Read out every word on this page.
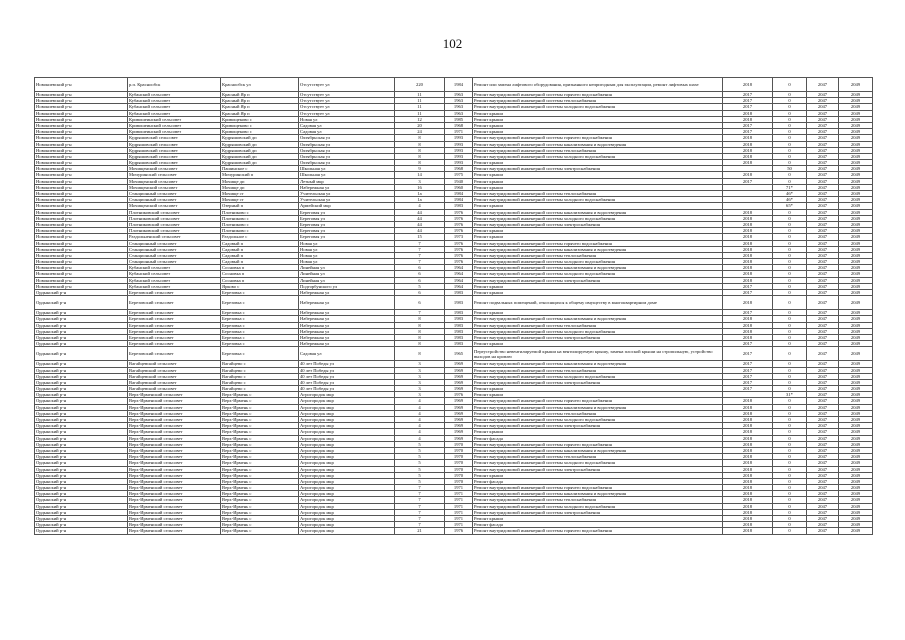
102
Новокиевский р-н	р.п. Краснообск	Краснообск ул	Отсутствует ул	220	1984	Ремонт или замена лифтового оборудования, признанного непригодным для эксплуатации, ремонт лифтовых шахт	2018	0	2047	2049
Новокиевский р-н	Кубанский сельсовет	Красный Яр п	Отсутствует ул	11	1963	Ремонт внутридомовой инженерной системы горячего водоснабжения	2017	0	2047	2049
Новокиевский р-н	Кубанский сельсовет	Красный Яр п	Отсутствует ул	11	1963	Ремонт внутридомовой инженерной системы теплоснабжения	2017	0	2047	2049
Новокиевский р-н	Кубанский сельсовет	Красный Яр п	Отсутствует ул	11	1963	Ремонт внутридомовой инженерной системы холодного водоснабжения	2017	0	2047	2049
Новокиевский р-н	Кубанский сельсовет	Красный Яр п	Отсутствует ул	11	1963	Ремонт крыши	2018	0	2047	2049
Новокиевский р-н	Кривошеинский сельсовет	Кривощеково с	Новая ул	12	1985	Ремонт крыши	2018	0	2047	2049
Новокиевский р-н	Кривошеинский сельсовет	Кривощеково с	Садовая ул	20	1968	Ремонт крыши	2017	0	2047	2049
Новокиевский р-н	Кривошеинский сельсовет	Кривощеково с	Садовая ул	24	1971	Ремонт крыши	2017	0	2047	2049
Новокиевский р-н	Кудряшовский сельсовет	Кудряшовский дп	Октябрьская ул	8	1993	Ремонт внутридомовой инженерной системы горячего водоснабжения	2018	0	2047	2049
Новокиевский р-н	Кудряшовский сельсовет	Кудряшовский дп	Октябрьская ул	8	1993	Ремонт внутридомовой инженерной системы канализования и водоотведения	2018	0	2047	2049
Новокиевский р-н	Кудряшовский сельсовет	Кудряшовский дп	Октябрьская ул	8	1993	Ремонт внутридомовой инженерной системы теплоснабжения	2018	0	2047	2049
Новокиевский р-н	Кудряшовский сельсовет	Кудряшовский дп	Октябрьская ул	8	1993	Ремонт внутридомовой инженерной системы холодного водоснабжения	2018	0	2047	2049
Новокиевский р-н	Кудряшовский сельсовет	Кудряшовский дп	Октябрьская ул	8	1993	Ремонт крыши	2018	0	2047	2049
Новокиевский р-н	Мочищенский сельсовет	Пашинское с	Школьная ул	9	1968	Ремонт внутридомовой инженерной системы электроснабжения		50	2047	2049
Новокиевский р-н	Мичуринский сельсовет	Мичуринский п	Школьная ул	14	1975	Ремонт крыши	2018	0	2047	2049
Новокиевский р-н	Мочищенский сельсовет	Мочище дп	Летный мкр	3	1940	Ремонт крыши	2017	0	2047	2049
Новокиевский р-н	Мочищенский сельсовет	Мочище дп	Набережная ул	16	1960	Ремонт крыши		71*	2047	2049
Новокиевский р-н	Станционный сельсовет	Мочище ст	Учительская ул	1а	1984	Ремонт внутридомовой инженерной системы теплоснабжения		46*	2047	2049
Новокиевский р-н	Станционный сельсовет	Мочище ст	Учительская ул	1а	1984	Ремонт внутридомовой инженерной системы холодного водоснабжения		46*	2047	2049
Новокиевский р-н	Мочищенский сельсовет	Озерный п	Армейский мкр	4	1983	Ремонт крыши		65*	2047	2049
Новокиевский р-н	Плотниковский сельсовет	Плотниково с	Береговая ул	44	1976	Ремонт внутридомовой инженерной системы канализования и водоотведения	2018	0	2047	2049
Новокиевский р-н	Плотниковский сельсовет	Плотниково с	Береговая ул	44	1976	Ремонт внутридомовой инженерной системы холодного водоснабжения	2018	0	2047	2049
Новокиевский р-н	Плотниковский сельсовет	Плотниково с	Береговая ул	44	1976	Ремонт внутридомовой инженерной системы электроснабжения	2018	0	2047	2049
Новокиевский р-н	Плотниковский сельсовет	Плотниково с	Береговая ул	44	1976	Ремонт крыши	2018	0	2047	2049
Новокиевский р-н	Раздольненский сельсовет	Раздольное с	Береговая ул	15	1973	Ремонт крыши	2018	0	2047	2049
Новокиевский р-н	Станционный сельсовет	Садовый п	Новая ул	7	1976	Ремонт внутридомовой инженерной системы горячего водоснабжения	2018	0	2047	2049
Новокиевский р-н	Станционный сельсовет	Садовый п	Новая ул	7	1976	Ремонт внутридомовой инженерной системы канализования и водоотведения	2018	0	2047	2049
Новокиевский р-н	Станционный сельсовет	Садовый п	Новая ул	7	1976	Ремонт внутридомовой инженерной системы теплоснабжения	2018	0	2047	2049
Новокиевский р-н	Станционный сельсовет	Садовый п	Новая ул	7	1976	Ремонт внутридомовой инженерной системы холодного водоснабжения	2018	0	2047	2049
Новокиевский р-н	Кубанский сельсовет	Сосновка п	Линейная ул	6	1964	Ремонт внутридомовой инженерной системы канализования и водоотведения	2018	0	2047	2049
Новокиевский р-н	Кубанский сельсовет	Сосновка п	Линейная ул	6	1964	Ремонт внутридомовой инженерной системы холодного водоснабжения	2018	0	2047	2049
Новокиевский р-н	Кубанский сельсовет	Сосновка п	Линейная ул	6	1964	Ремонт внутридомовой инженерной системы электроснабжения	2018	0	2047	2049
Новокиевский р-н	Кубанский сельсовет	Ярково с	Подгорбунского ул	5	1964	Ремонт крыши	2017	0	2047	2049
Ордынский р-н	Березовский сельсовет	Березовка с	Набережная ул	6	1983	Ремонт крыши	2017	0	2047	2049
Ордынский р-н	Березовский сельсовет	Березовка с	Набережная ул	6	1983	Ремонт подвальных помещений, относящихся к общему имуществу в многоквартирном доме	2018	0	2047	2049
Ордынский р-н	Березовский сельсовет	Березовка с	Набережная ул	7	1983	Ремонт крыши	2017	0	2047	2049
Ордынский р-н	Березовский сельсовет	Березовка с	Набережная ул	8	1983	Ремонт внутридомовой инженерной системы канализования и водоотведения	2018	0	2047	2049
Ордынский р-н	Березовский сельсовет	Березовка с	Набережная ул	8	1983	Ремонт внутридомовой инженерной системы теплоснабжения	2018	0	2047	2049
Ордынский р-н	Березовский сельсовет	Березовка с	Набережная ул	8	1983	Ремонт внутридомовой инженерной системы холодного водоснабжения	2018	0	2047	2049
Ордынский р-н	Березовский сельсовет	Березовка с	Набережная ул	8	1983	Ремонт внутридомовой инженерной системы электроснабжения	2018	0	2047	2049
Ордынский р-н	Березовский сельсовет	Березовка с	Набережная ул	8	1983	Ремонт крыши	2017	0	2047	2049
Ордынский р-н	Березовский сельсовет	Березовка с	Садовая ул	8	1965	Переустройство невентилируемой крыши на вентилируемую крышу, замена плоской крыши на стропильную, устройство выходов на кровлю	2017	0	2047	2049
Ордынский р-н	Вагайцевский сельсовет	Вагайцево с	40 лет Победы ул	3	1969	Ремонт внутридомовой инженерной системы канализования и водоотведения	2017	0	2047	2049
Ордынский р-н	Вагайцевский сельсовет	Вагайцево с	40 лет Победы ул	3	1969	Ремонт внутридомовой инженерной системы теплоснабжения	2017	0	2047	2049
Ордынский р-н	Вагайцевский сельсовет	Вагайцево с	40 лет Победы ул	3	1969	Ремонт внутридомовой инженерной системы холодного водоснабжения	2017	0	2047	2049
Ордынский р-н	Вагайцевский сельсовет	Вагайцево с	40 лет Победы ул	3	1969	Ремонт внутридомовой инженерной системы электроснабжения	2017	0	2047	2049
Ордынский р-н	Вагайцевский сельсовет	Вагайцево с	40 лет Победы ул	3	1969	Ремонт крыши	2017	0	2047	2049
Ордынский р-н	Верх-Ирменский сельсовет	Верх-Ирмень с	Агрогородок мкр	3	1976	Ремонт крыши		31*	2047	2049
Ордынский р-н	Верх-Ирменский сельсовет	Верх-Ирмень с	Агрогородок мкр	4	1969	Ремонт внутридомовой инженерной системы горячего водоснабжения	2018	0	2047	2049
Ордынский р-н	Верх-Ирменский сельсовет	Верх-Ирмень с	Агрогородок мкр	4	1969	Ремонт внутридомовой инженерной системы канализования и водоотведения	2018	0	2047	2049
Ордынский р-н	Верх-Ирменский сельсовет	Верх-Ирмень с	Агрогородок мкр	4	1969	Ремонт внутридомовой инженерной системы теплоснабжения	2018	0	2047	2049
Ордынский р-н	Верх-Ирменский сельсовет	Верх-Ирмень с	Агрогородок мкр	4	1969	Ремонт внутридомовой инженерной системы холодного водоснабжения	2018	0	2047	2049
Ордынский р-н	Верх-Ирменский сельсовет	Верх-Ирмень с	Агрогородок мкр	4	1969	Ремонт внутридомовой инженерной системы электроснабжения	2018	0	2047	2049
Ордынский р-н	Верх-Ирменский сельсовет	Верх-Ирмень с	Агрогородок мкр	4	1969	Ремонт крыши	2018	0	2047	2049
Ордынский р-н	Верх-Ирменский сельсовет	Верх-Ирмень с	Агрогородок мкр	4	1969	Ремонт фасада	2018	0	2047	2049
Ордынский р-н	Верх-Ирменский сельсовет	Верх-Ирмень с	Агрогородок мкр	5	1970	Ремонт внутридомовой инженерной системы горячего водоснабжения	2018	0	2047	2049
Ордынский р-н	Верх-Ирменский сельсовет	Верх-Ирмень с	Агрогородок мкр	5	1970	Ремонт внутридомовой инженерной системы канализования и водоотведения	2018	0	2047	2049
Ордынский р-н	Верх-Ирменский сельсовет	Верх-Ирмень с	Агрогородок мкр	5	1970	Ремонт внутридомовой инженерной системы теплоснабжения	2018	0	2047	2049
Ордынский р-н	Верх-Ирменский сельсовет	Верх-Ирмень с	Агрогородок мкр	5	1970	Ремонт внутридомовой инженерной системы холодного водоснабжения	2018	0	2047	2049
Ордынский р-н	Верх-Ирменский сельсовет	Верх-Ирмень с	Агрогородок мкр	5	1970	Ремонт внутридомовой инженерной системы электроснабжения	2018	0	2047	2049
Ордынский р-н	Верх-Ирменский сельсовет	Верх-Ирмень с	Агрогородок мкр	5	1970	Ремонт крыши	2018	0	2047	2049
Ордынский р-н	Верх-Ирменский сельсовет	Верх-Ирмень с	Агрогородок мкр	5	1970	Ремонт фасада	2018	0	2047	2049
Ордынский р-н	Верх-Ирменский сельсовет	Верх-Ирмень с	Агрогородок мкр	7	1971	Ремонт внутридомовой инженерной системы горячего водоснабжения	2018	0	2047	2049
Ордынский р-н	Верх-Ирменский сельсовет	Верх-Ирмень с	Агрогородок мкр	7	1971	Ремонт внутридомовой инженерной системы канализования и водоотведения	2018	0	2047	2049
Ордынский р-н	Верх-Ирменский сельсовет	Верх-Ирмень с	Агрогородок мкр	7	1971	Ремонт внутридомовой инженерной системы теплоснабжения	2018	0	2047	2049
Ордынский р-н	Верх-Ирменский сельсовет	Верх-Ирмень с	Агрогородок мкр	7	1971	Ремонт внутридомовой инженерной системы холодного водоснабжения	2018	0	2047	2049
Ордынский р-н	Верх-Ирменский сельсовет	Верх-Ирмень с	Агрогородок мкр	7	1971	Ремонт внутридомовой инженерной системы электроснабжения	2018	0	2047	2049
Ордынский р-н	Верх-Ирменский сельсовет	Верх-Ирмень с	Агрогородок мкр	7	1971	Ремонт крыши	2018	0	2047	2049
Ордынский р-н	Верх-Ирменский сельсовет	Верх-Ирмень с	Агрогородок мкр	7	1971	Ремонт фасада	2018	0	2047	2049
Ордынский р-н	Верх-Ирменский сельсовет	Верх-Ирмень с	Агрогородок мкр	21	1976	Ремонт внутридомовой инженерной системы горячего водоснабжения	2018	0	2047	2049
